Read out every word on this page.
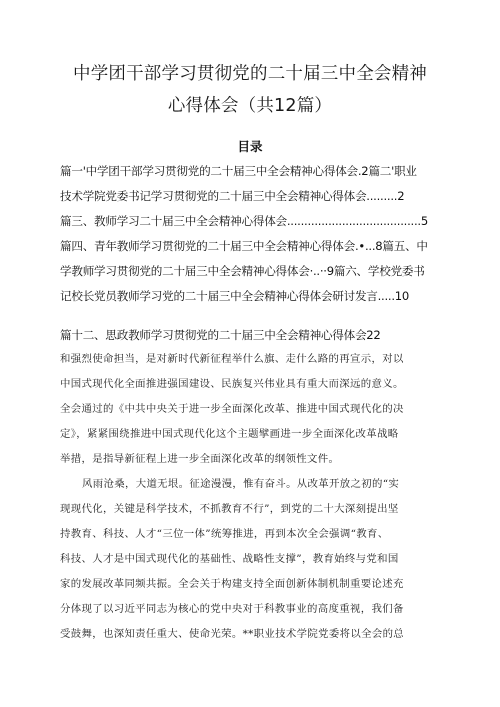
中学团干部学习贯彻党的二十届三中全会精神
心得体会（共12篇）
目录
篇一'中学团干部学习贯彻党的二十届三中全会精神心得体会.2篇二'职业
技术学院党委书记学习贯彻党的二十届三中全会精神心得体会.........2
篇三、教师学习二十届三中全会精神心得体会.......................................5
篇四、青年教师学习贯彻党的二十届三中全会精神心得体会.•...8篇五、中
学教师学习贯彻党的二十届三中全会精神心得体会·..··9篇六、学校党委书
记校长党员教师学习党的二十届三中全会精神心得体会研讨发言.....10
篇十二、思政教师学习贯彻党的二十届三中全会精神心得体会22
和强烈使命担当，是对新时代新征程举什么旗、走什么路的再宣示，对以
中国式现代化全面推进强国建设、民族复兴伟业具有重大而深远的意义。
全会通过的《中共中央关于进一步全面深化改革、推进中国式现代化的决
定》，紧紧围绕推进中国式现代化这个主题擘画进一步全面深化改革战略
举措，是指导新征程上进一步全面深化改革的纲领性文件。
风雨沧桑，大道无垠。征途漫漫，惟有奋斗。从改革开放之初的“实
现现代化，关键是科学技术，不抓教育不行”，到党的二十大深刻提出坚
持教育、科技、人才“三位一体”统筹推进，再到本次全会强调“教育、
科技、人才是中国式现代化的基础性、战略性支撑”，教育始终与党和国
家的发展改革同频共振。全会关于构建支持全面创新体制机制重要论述充
分体现了以习近平同志为核心的党中央对于科教事业的高度重视，我们备
受鼓舞，也深知责任重大、使命光荣。**职业技术学院党委将以全会的总
